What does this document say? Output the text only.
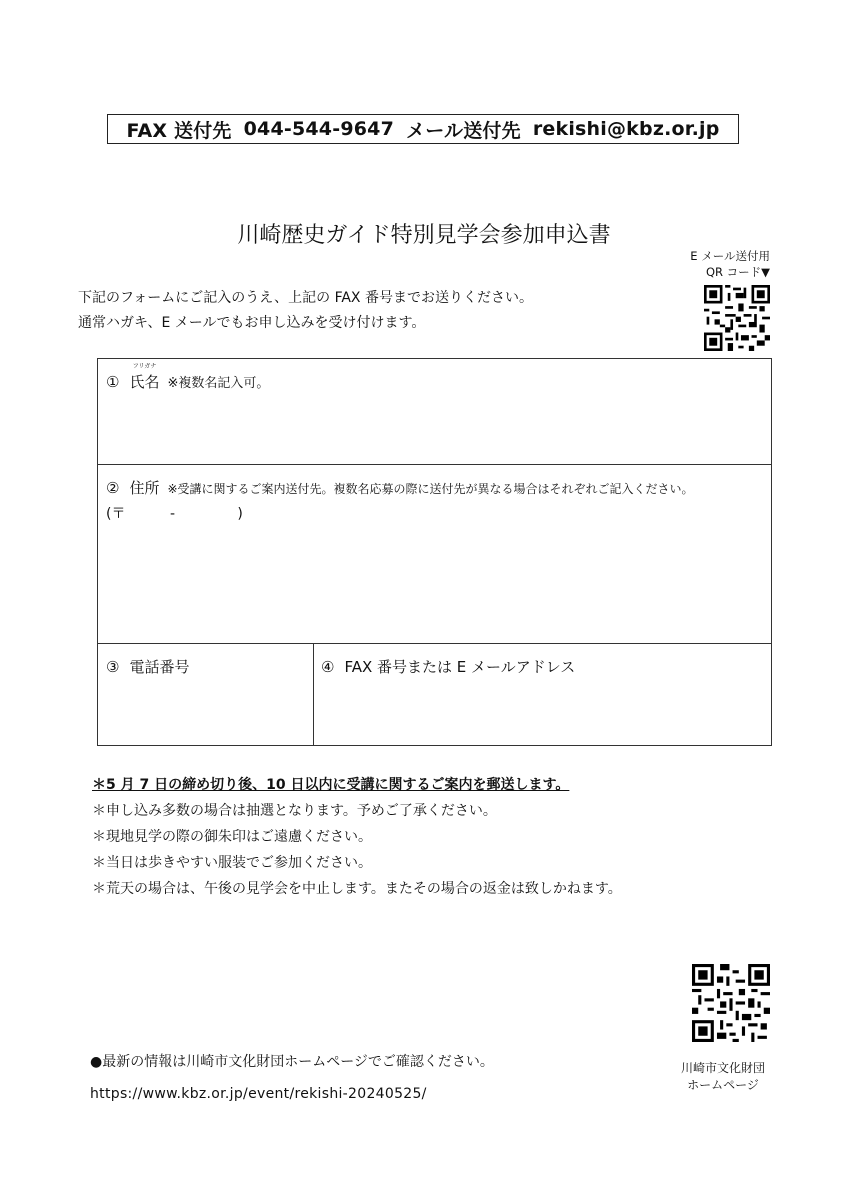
FAX 送付先 044-544-9647 メール送付先 rekishi@kbz.or.jp
川崎歴史ガイド特別見学会参加申込書
E メール送付用
QR コード▼
下記のフォームにご記入のうえ、上記の FAX 番号までお送りください。
通常ハガキ、E メールでもお申し込みを受け付けます。
①
フリガナ
氏名 ※複数名記入可。
② 住所 ※受講に関するご案内送付先。複数名応募の際に送付先が異なる場合はそれぞれご記入ください。
(〒          -              )
③ 電話番号	④ FAX 番号または E メールアドレス
＊5 月 7 日の締め切り後、10 日以内に受講に関するご案内を郵送します。
＊申し込み多数の場合は抽選となります。予めご了承ください。
＊現地見学の際の御朱印はご遠慮ください。
＊当日は歩きやすい服装でご参加ください。
＊荒天の場合は、午後の見学会を中止します。またその場合の返金は致しかねます。
●最新の情報は川崎市文化財団ホームページでご確認ください。
https://www.kbz.or.jp/event/rekishi-20240525/
川崎市文化財団
ホームページ
